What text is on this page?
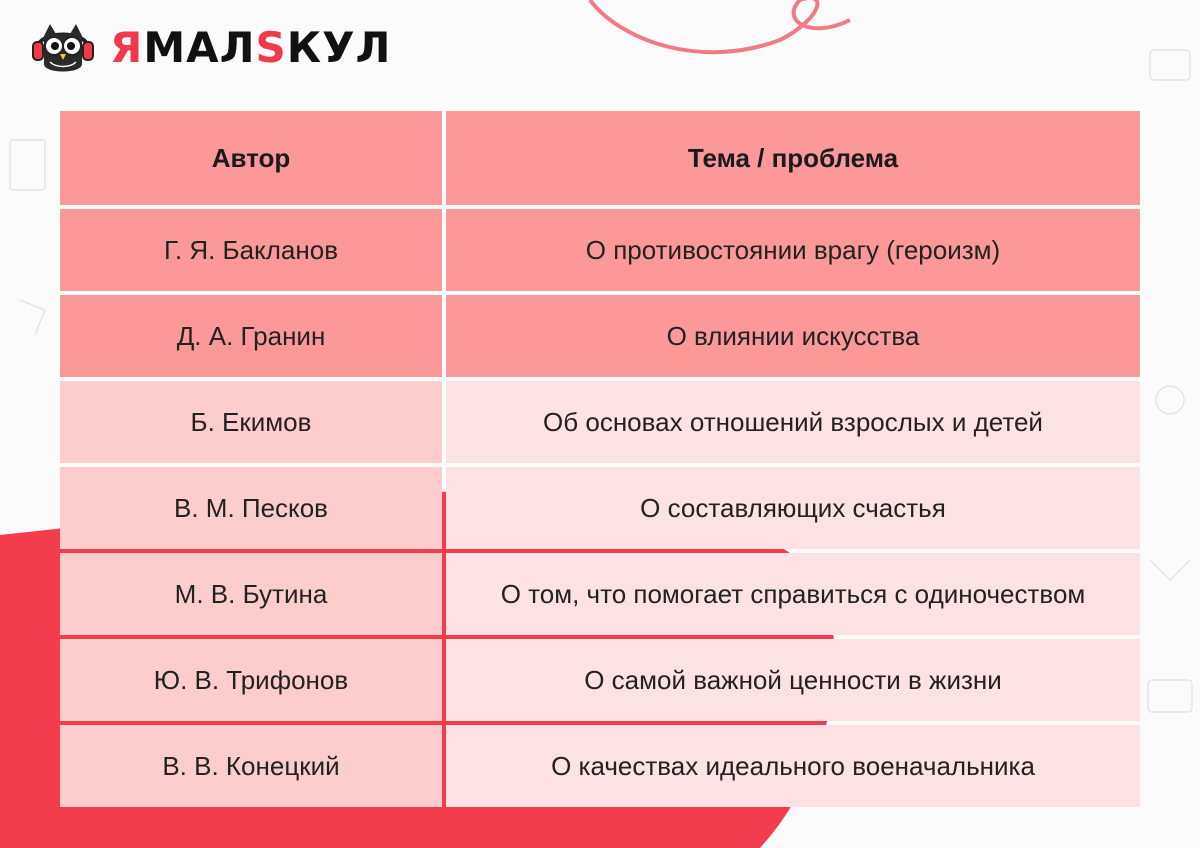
ЯМАЛSКУЛ
Автор	Тема / проблема
Г. Я. Бакланов	О противостоянии врагу (героизм)
Д. А. Гранин	О влиянии искусства
Б. Екимов	Об основах отношений взрослых и детей
В. М. Песков	О составляющих счастья
М. В. Бутина	О том, что помогает справиться с одиночеством
Ю. В. Трифонов	О самой важной ценности в жизни
В. В. Конецкий	О качествах идеального военачальника
